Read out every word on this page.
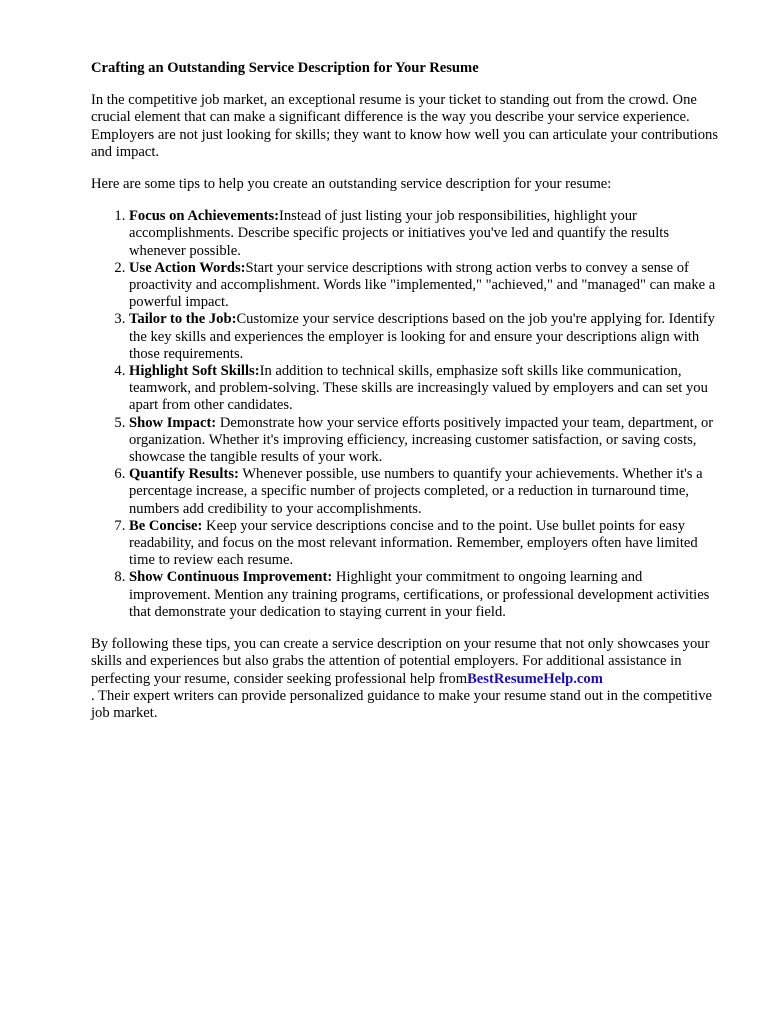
Crafting an Outstanding Service Description for Your Resume

In the competitive job market, an exceptional resume is your ticket to standing out from the crowd. One crucial element that can make a significant difference is the way you describe your service experience. Employers are not just looking for skills; they want to know how well you can articulate your contributions and impact.

Here are some tips to help you create an outstanding service description for your resume:

1. Focus on Achievements:Instead of just listing your job responsibilities, highlight your accomplishments. Describe specific projects or initiatives you've led and quantify the results whenever possible.
2. Use Action Words:Start your service descriptions with strong action verbs to convey a sense of proactivity and accomplishment. Words like "implemented," "achieved," and "managed" can make a powerful impact.
3. Tailor to the Job:Customize your service descriptions based on the job you're applying for. Identify the key skills and experiences the employer is looking for and ensure your descriptions align with those requirements.
4. Highlight Soft Skills:In addition to technical skills, emphasize soft skills like communication, teamwork, and problem-solving. These skills are increasingly valued by employers and can set you apart from other candidates.
5. Show Impact: Demonstrate how your service efforts positively impacted your team, department, or organization. Whether it's improving efficiency, increasing customer satisfaction, or saving costs, showcase the tangible results of your work.
6. Quantify Results: Whenever possible, use numbers to quantify your achievements. Whether it's a percentage increase, a specific number of projects completed, or a reduction in turnaround time, numbers add credibility to your accomplishments.
7. Be Concise: Keep your service descriptions concise and to the point. Use bullet points for easy readability, and focus on the most relevant information. Remember, employers often have limited time to review each resume.
8. Show Continuous Improvement: Highlight your commitment to ongoing learning and improvement. Mention any training programs, certifications, or professional development activities that demonstrate your dedication to staying current in your field.

By following these tips, you can create a service description on your resume that not only showcases your skills and experiences but also grabs the attention of potential employers. For additional assistance in perfecting your resume, consider seeking professional help fromBestResumeHelp.com
. Their expert writers can provide personalized guidance to make your resume stand out in the competitive job market.
